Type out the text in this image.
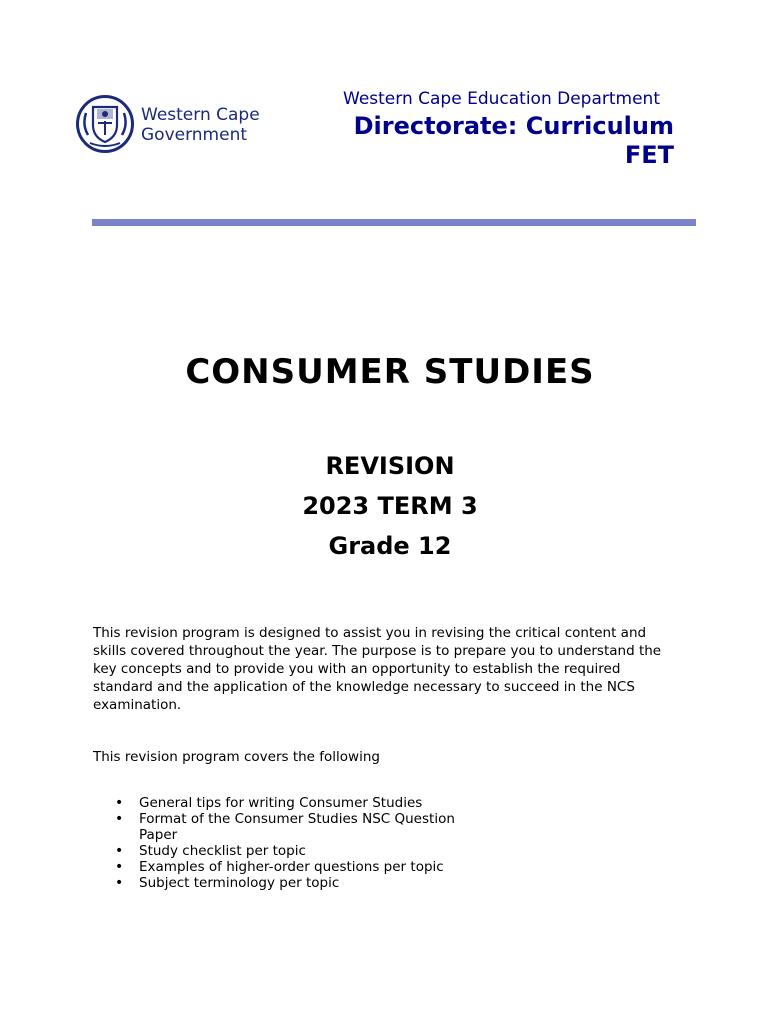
Western Cape
Government
Western Cape Education Department
Directorate: Curriculum FET
CONSUMER STUDIES
REVISION
2023 TERM 3
Grade 12

This revision program is designed to assist you in revising the critical content and skills covered throughout the year. The purpose is to prepare you to understand the key concepts and to provide you with an opportunity to establish the required standard and the application of the knowledge necessary to succeed in the NCS examination.

This revision program covers the following

• General tips for writing Consumer Studies
• Format of the Consumer Studies NSC Question Paper
• Study checklist per topic
• Examples of higher-order questions per topic
• Subject terminology per topic
